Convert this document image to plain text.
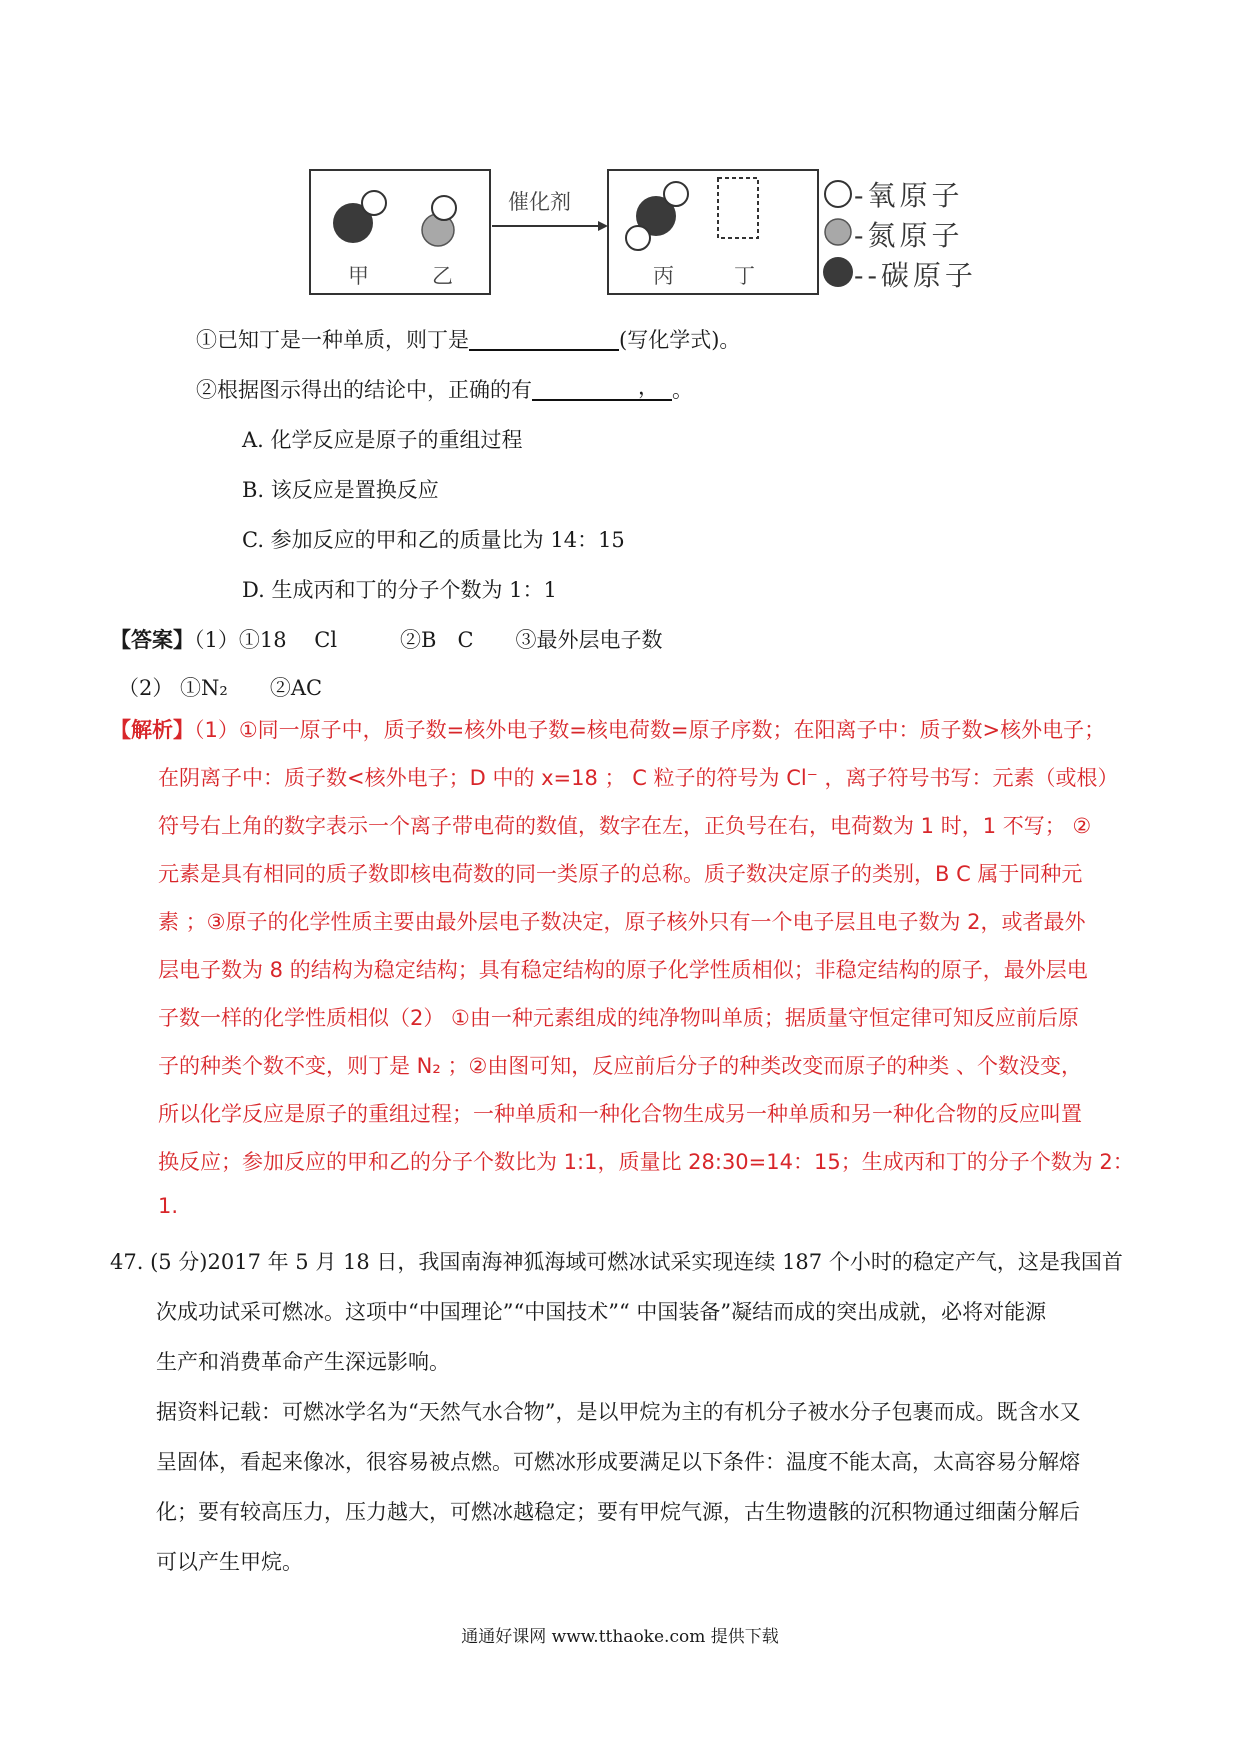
催化剂
甲	乙	丙	丁
-氧原子
-氮原子
--碳原子
①已知丁是一种单质，则丁是	(写化学式)。
②根据图示得出的结论中，正确的有	， 。
A. 化学反应是原子的重组过程
B. 该反应是置换反应
C. 参加反应的甲和乙的质量比为 14：15
D. 生成丙和丁的分子个数为 1：1
【答案】（1）①18　 Cl　　　②B　C　　③最外层电子数
（2） ①N₂　　②AC
【解析】（1）①同一原子中，质子数=核外电子数=核电荷数=原子序数；在阳离子中：质子数>核外电子；
在阴离子中：质子数<核外电子；D 中的 x=18 ； C 粒子的符号为 Cl⁻ ，离子符号书写：元素（或根）
符号右上角的数字表示一个离子带电荷的数值，数字在左，正负号在右，电荷数为 1 时，1 不写； ②
元素是具有相同的质子数即核电荷数的同一类原子的总称。质子数决定原子的类别，B C 属于同种元
素 ；③原子的化学性质主要由最外层电子数决定，原子核外只有一个电子层且电子数为 2，或者最外
层电子数为 8 的结构为稳定结构；具有稳定结构的原子化学性质相似；非稳定结构的原子，最外层电
子数一样的化学性质相似（2） ①由一种元素组成的纯净物叫单质；据质量守恒定律可知反应前后原
子的种类个数不变，则丁是 N₂ ；②由图可知，反应前后分子的种类改变而原子的种类 、个数没变，
所以化学反应是原子的重组过程；一种单质和一种化合物生成另一种单质和另一种化合物的反应叫置
换反应；参加反应的甲和乙的分子个数比为 1:1，质量比 28:30=14：15；生成丙和丁的分子个数为 2：
1.
47. (5 分)2017 年 5 月 18 日，我国南海神狐海域可燃冰试采实现连续 187 个小时的稳定产气，这是我国首
次成功试采可燃冰。这项中“中国理论”“中国技术”“ 中国装备”凝结而成的突出成就，必将对能源
生产和消费革命产生深远影响。
据资料记载：可燃冰学名为“天然气水合物”，是以甲烷为主的有机分子被水分子包裹而成。既含水又
呈固体，看起来像冰，很容易被点燃。可燃冰形成要满足以下条件：温度不能太高，太高容易分解熔
化；要有较高压力，压力越大，可燃冰越稳定；要有甲烷气源，古生物遗骸的沉积物通过细菌分解后
可以产生甲烷。
通通好课网 www.tthaoke.com 提供下载
